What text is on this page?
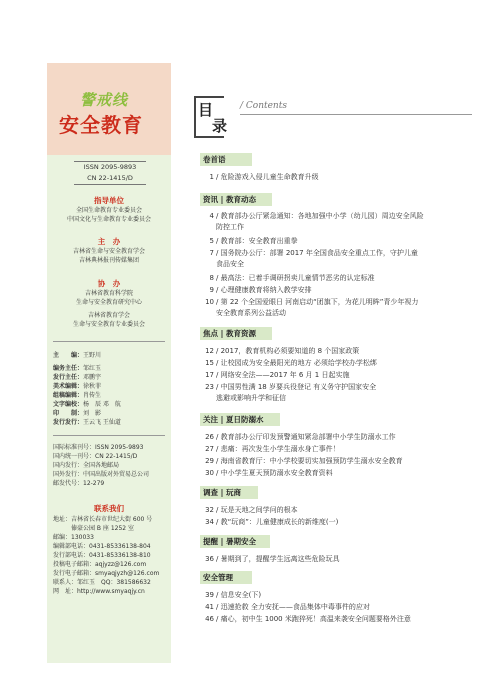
警戒线
安全教育
ISSN 2095-9893
CN 22-1415/D
指导单位
全国生命教育专业委员会
中国文化与生命教育专业委员会
主　办
吉林省生命与安全教育学会
吉林典林报刊传媒集团
协　办
吉林省教育科学院
生命与安全教育研究中心
吉林省教育学会
生命与安全教育专业委员会
主　　编：王野川
编务主任：邹红玉
发行主任：邓鹏宇
美术编辑：徐秋菲
组稿编辑：肖传生
文字编校：杨　辰 邓　航
印　　制：刘　影
发行发行：王云飞 王仙道
国际标准刊号：ISSN 2095-9893
国内统一刊号：CN 22-1415/D
国内发行：全国各地邮局
国外发行：中国出版对外贸易总公司
邮发代号：12-279
联系我们
地址：吉林省长春市世纪大街 600 号
　　　傣豪公园 B 座 1252 室
邮编：130033
编辑部电话：0431-85336138-804
发行部电话：0431-85336138-810
投稿电子邮箱：aqjyzz@126.com
发行电子邮箱：smyaqjyzh@126.com
联系人：邹红玉　QQ：381586632
网　址：http://www.smyaqjy.cn
目
录
/ Contents
卷首语
1 / 危险游戏入侵儿童生命教育升级
资讯 | 教育动态
4 / 教育部办公厅紧急通知：各地加强中小学（幼儿园）周边安全风险
防控工作
5 / 教育部：安全教育出重拳
7 / 国务院办公厅：部署 2017 年全国食品安全重点工作，守护儿童
食品安全
8 / 最高法：已着手调研拐卖儿童情节恶劣的认定标准
9 / 心理健康教育将纳入教学安排
10 / 第 22 个全国爱眼日 河南启动“团旗下，为花儿明眸”青少年视力
安全教育系列公益活动
焦点 | 教育资源
12 / 2017，教育机构必须要知道的 8 个国家政策
15 / 让校园成为安全最阳光的地方 必须给学校办学松绑
17 / 网络安全法——2017 年 6 月 1 日起实施
23 / 中国男性满 18 岁要兵役登记 有义务守护国家安全
逃避或影响升学和征信
关注 | 夏日防溺水
26 / 教育部办公厅印发预警通知紧急部署中小学生防溺水工作
27 / 悲痛：再次发生小学生溺水身亡事件！
29 / 海南省教育厅：中小学校要切实加强预防学生溺水安全教育
30 / 中小学生夏天预防溺水安全教育资料
调查 | 玩商
32 / 玩是天地之间学问的根本
34 / 教“玩商”：儿童健康成长的新维度(一)
提醒 | 暑期安全
36 / 暑期到了，提醒学生远离这些危险玩具
安全管理
39 / 信息安全(下)
41 / 迅速抢救 全力安抚——食品集体中毒事件的应对
46 / 痛心，初中生 1000 米跑猝死！高温来袭安全问题要格外注意
